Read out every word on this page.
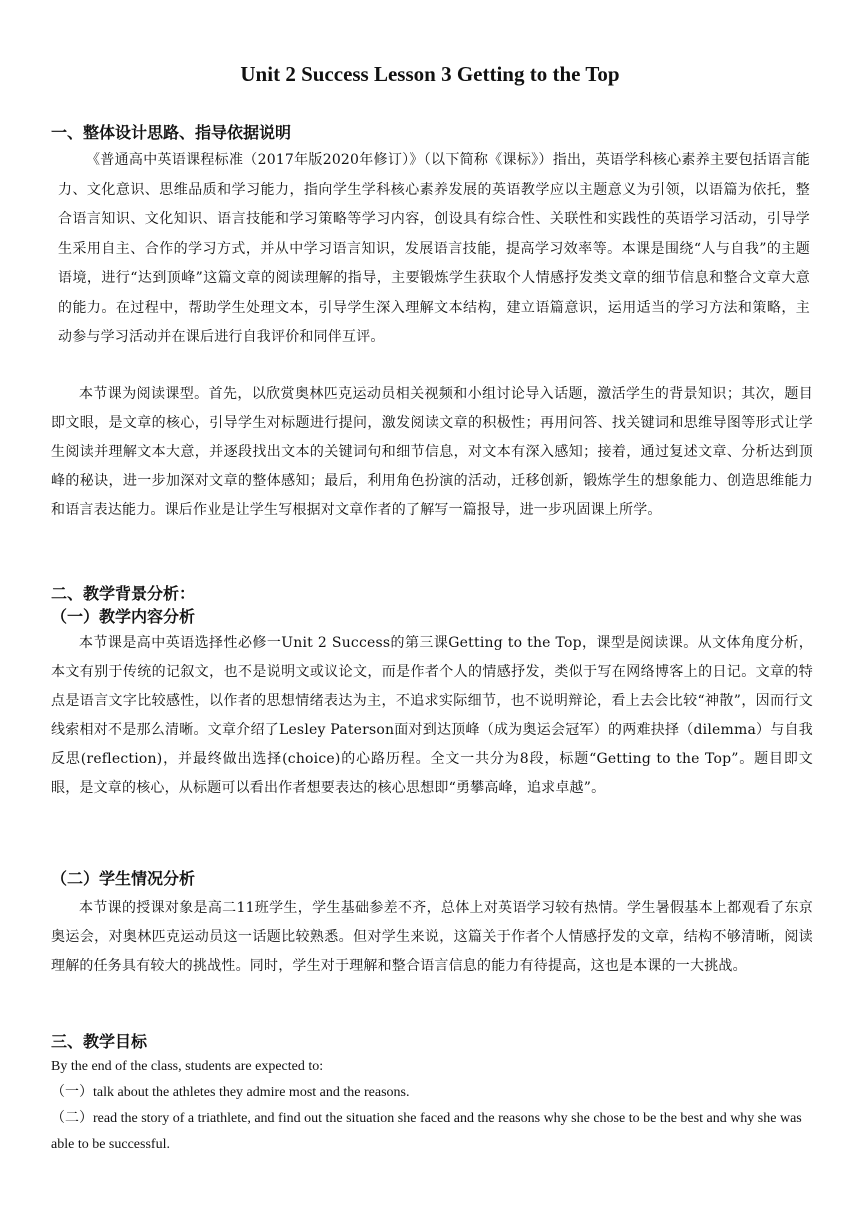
Unit 2 Success Lesson 3 Getting to the Top
一、整体设计思路、指导依据说明

《普通高中英语课程标准（2017年版2020年修订）》（以下简称《课标》）指出，英语学科核心素养主要包括语言能力、文化意识、思维品质和学习能力，指向学生学科核心素养发展的英语教学应以主题意义为引领，以语篇为依托，整合语言知识、文化知识、语言技能和学习策略等学习内容，创设具有综合性、关联性和实践性的英语学习活动，引导学生采用自主、合作的学习方式，并从中学习语言知识，发展语言技能，提高学习效率等。本课是围绕“人与自我”的主题语境，进行“达到顶峰”这篇文章的阅读理解的指导，主要锻炼学生获取个人情感抒发类文章的细节信息和整合文章大意的能力。在过程中，帮助学生处理文本，引导学生深入理解文本结构，建立语篇意识，运用适当的学习方法和策略，主动参与学习活动并在课后进行自我评价和同伴互评。

本节课为阅读课型。首先，以欣赏奥林匹克运动员相关视频和小组讨论导入话题，激活学生的背景知识；其次，题目即文眼，是文章的核心，引导学生对标题进行提问，激发阅读文章的积极性；再用问答、找关键词和思维导图等形式让学生阅读并理解文本大意，并逐段找出文本的关键词句和细节信息，对文本有深入感知；接着，通过复述文章、分析达到顶峰的秘诀，进一步加深对文章的整体感知；最后，利用角色扮演的活动，迁移创新，锻炼学生的想象能力、创造思维能力和语言表达能力。课后作业是让学生写根据对文章作者的了解写一篇报导，进一步巩固课上所学。

二、教学背景分析：
（一）教学内容分析

本节课是高中英语选择性必修一Unit 2 Success的第三课Getting to the Top，课型是阅读课。从文体角度分析，本文有别于传统的记叙文，也不是说明文或议论文，而是作者个人的情感抒发，类似于写在网络博客上的日记。文章的特点是语言文字比较感性，以作者的思想情绪表达为主，不追求实际细节，也不说明辩论，看上去会比较“神散”，因而行文线索相对不是那么清晰。文章介绍了Lesley Paterson面对到达顶峰（成为奥运会冠军）的两难抉择（dilemma）与自我反思(reflection)，并最终做出选择(choice)的心路历程。全文一共分为8段，标题“Getting to the Top”。题目即文眼，是文章的核心，从标题可以看出作者想要表达的核心思想即“勇攀高峰，追求卓越”。

（二）学生情况分析

本节课的授课对象是高二11班学生，学生基础参差不齐，总体上对英语学习较有热情。学生暑假基本上都观看了东京奥运会，对奥林匹克运动员这一话题比较熟悉。但对学生来说，这篇关于作者个人情感抒发的文章，结构不够清晰，阅读理解的任务具有较大的挑战性。同时，学生对于理解和整合语言信息的能力有待提高，这也是本课的一大挑战。

三、教学目标

By the end of the class, students are expected to:

（一）talk about the athletes they admire most and the reasons.

（二）read the story of a triathlete, and find out the situation she faced and the reasons why she chose to be the best and why she was able to be successful.
